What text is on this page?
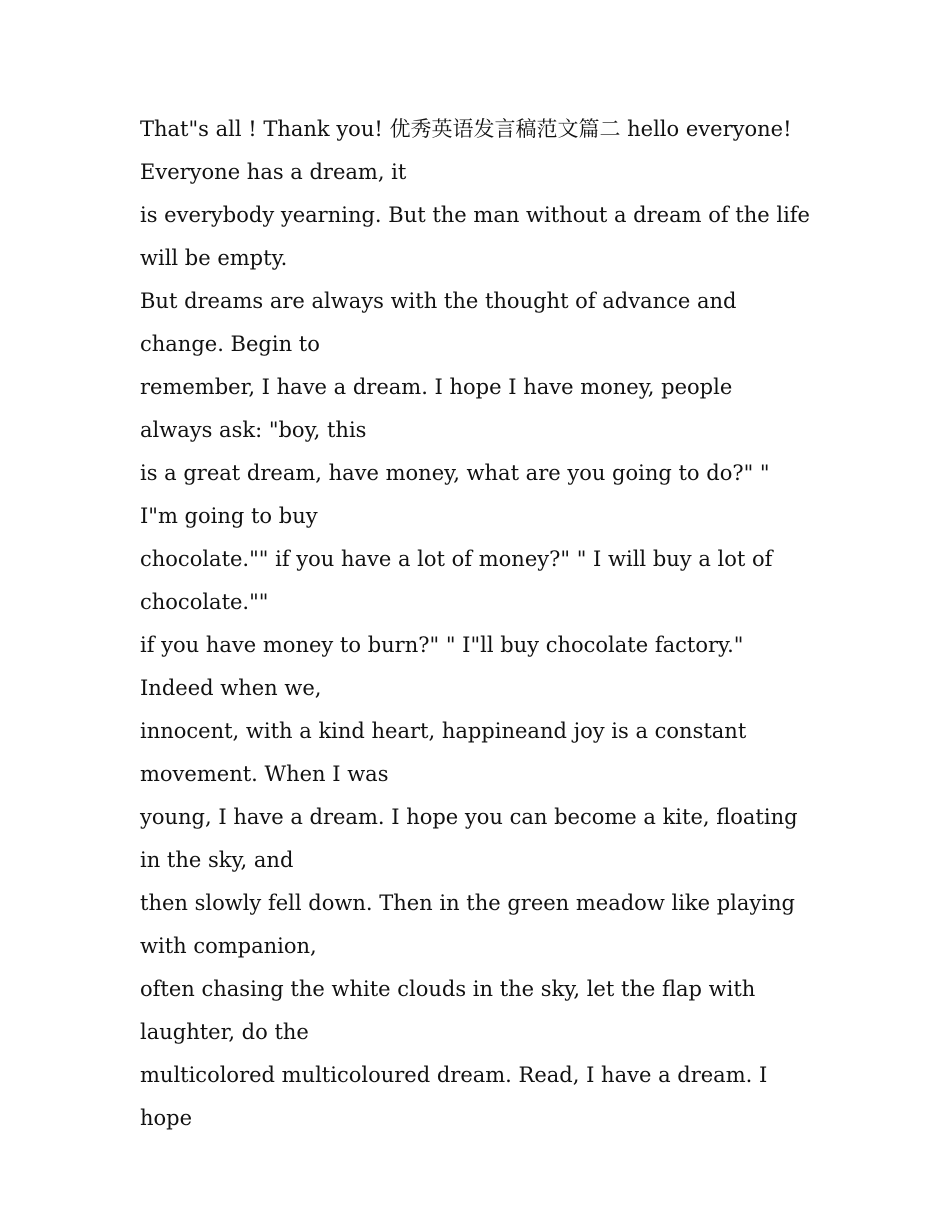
That"s all ! Thank you! 优秀英语发言稿范文篇二 hello everyone! Everyone has a dream, it

is everybody yearning. But the man without a dream of the life will be empty.

But dreams are always with the thought of advance and change. Begin to

remember, I have a dream. I hope I have money, people always ask: "boy, this

is a great dream, have money, what are you going to do?" " I"m going to buy

chocolate."" if you have a lot of money?" " I will buy a lot of chocolate.""

if you have money to burn?" " I"ll buy chocolate factory." Indeed when we,

innocent, with a kind heart, happineand joy is a constant movement. When I was

young, I have a dream. I hope you can become a kite, floating in the sky, and

then slowly fell down. Then in the green meadow like playing with companion,

often chasing the white clouds in the sky, let the flap with laughter, do the

multicolored multicoloured dream. Read, I have a dream. I hope
